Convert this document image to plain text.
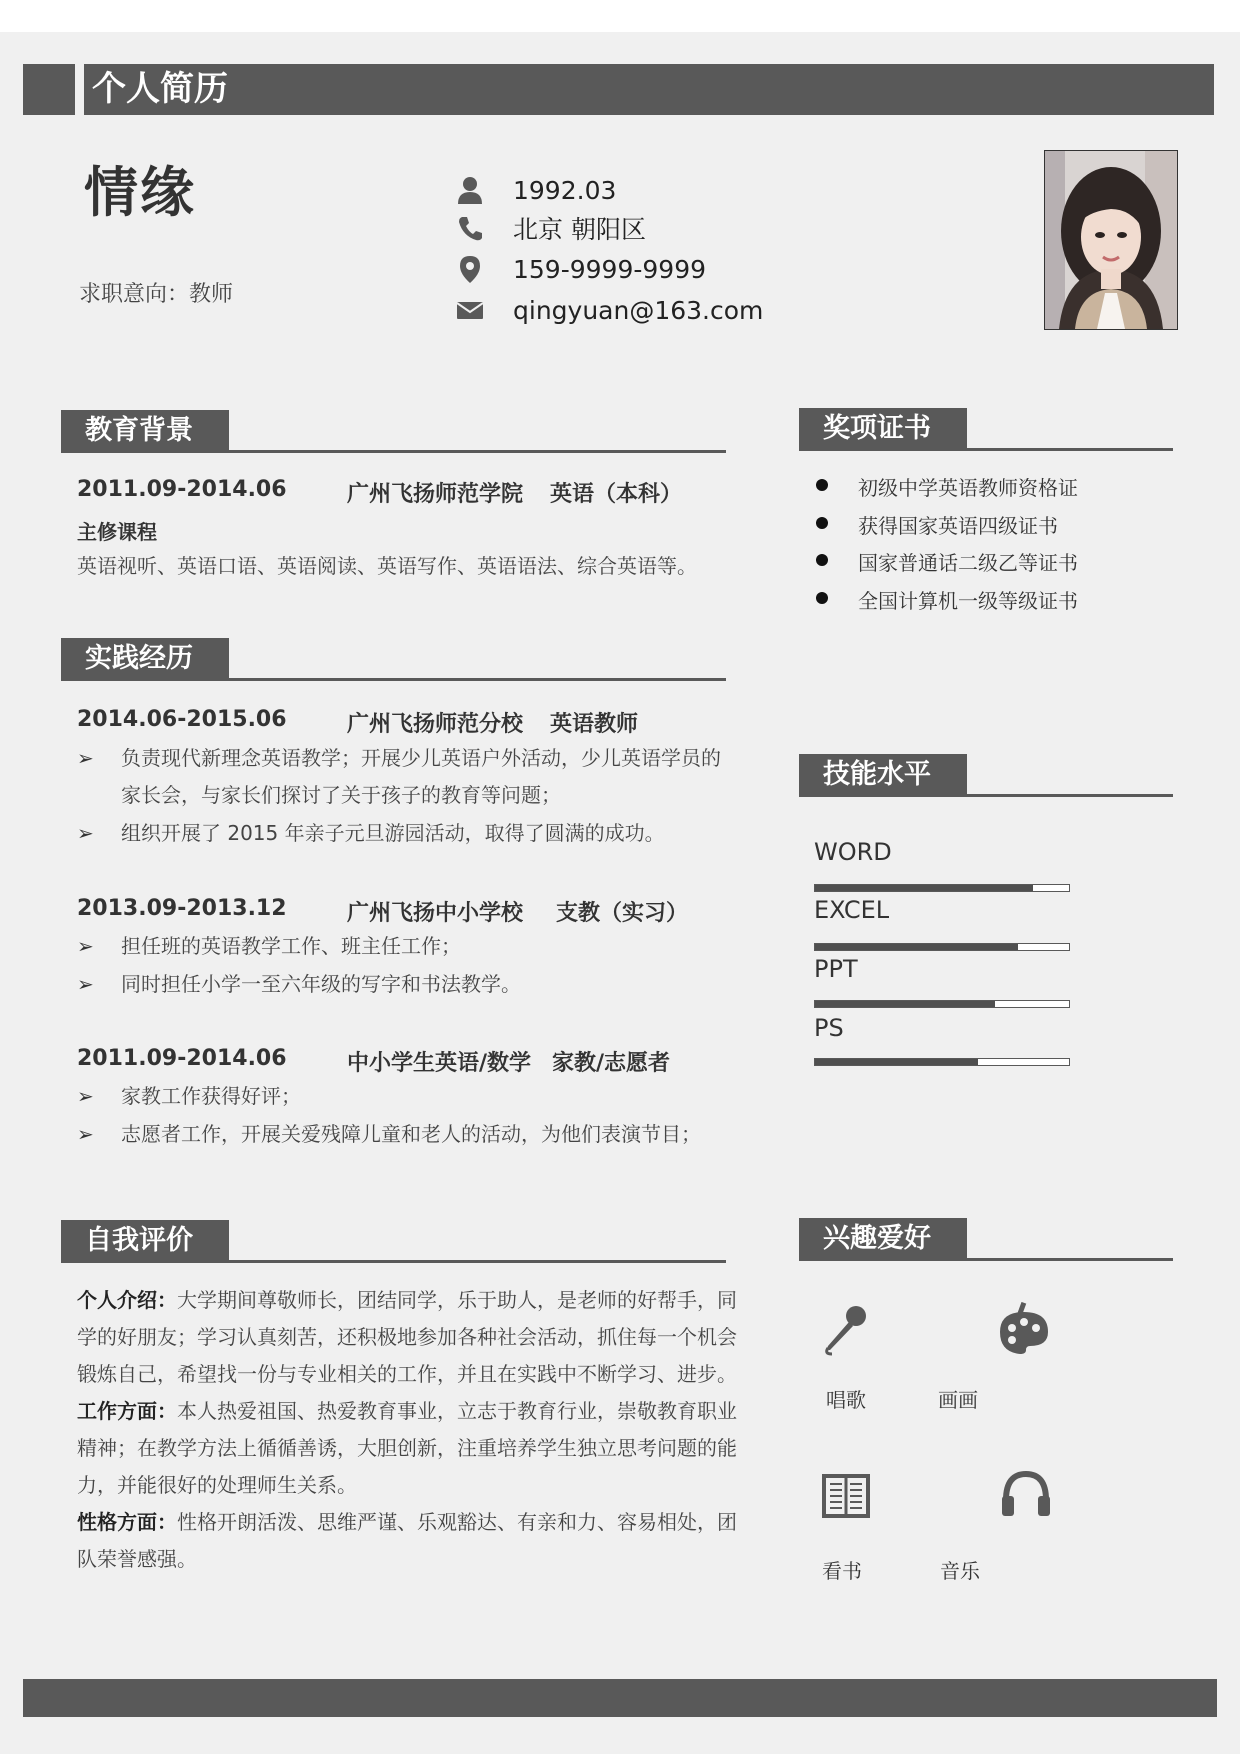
个人简历
情缘
求职意向：教师
1992.03
北京 朝阳区
159-9999-9999
qingyuan@163.com
教育背景
2011.09-2014.06	广州飞扬师范学院 英语（本科）
主修课程
英语视听、英语口语、英语阅读、英语写作、英语语法、综合英语等。
实践经历
2014.06-2015.06	广州飞扬师范分校 英语教师
➢ 负责现代新理念英语教学；开展少儿英语户外活动，少儿英语学员的家长会，与家长们探讨了关于孩子的教育等问题；
➢ 组织开展了 2015 年亲子元旦游园活动，取得了圆满的成功。
2013.09-2013.12	广州飞扬中小学校 支教（实习）
➢ 担任班的英语教学工作、班主任工作；
➢ 同时担任小学一至六年级的写字和书法教学。
2011.09-2014.06	中小学生英语/数学 家教/志愿者
➢ 家教工作获得好评；
➢ 志愿者工作，开展关爱残障儿童和老人的活动，为他们表演节目；
自我评价
个人介绍：大学期间尊敬师长，团结同学，乐于助人，是老师的好帮手，同学的好朋友；学习认真刻苦，还积极地参加各种社会活动，抓住每一个机会锻炼自己，希望找一份与专业相关的工作，并且在实践中不断学习、进步。
工作方面：本人热爱祖国、热爱教育事业，立志于教育行业，崇敬教育职业精神；在教学方法上循循善诱，大胆创新，注重培养学生独立思考问题的能力，并能很好的处理师生关系。
性格方面：性格开朗活泼、思维严谨、乐观豁达、有亲和力、容易相处，团队荣誉感强。
奖项证书
初级中学英语教师资格证
获得国家英语四级证书
国家普通话二级乙等证书
全国计算机一级等级证书
技能水平
WORD
EXCEL
PPT
PS
兴趣爱好
唱歌	画画
看书	音乐
